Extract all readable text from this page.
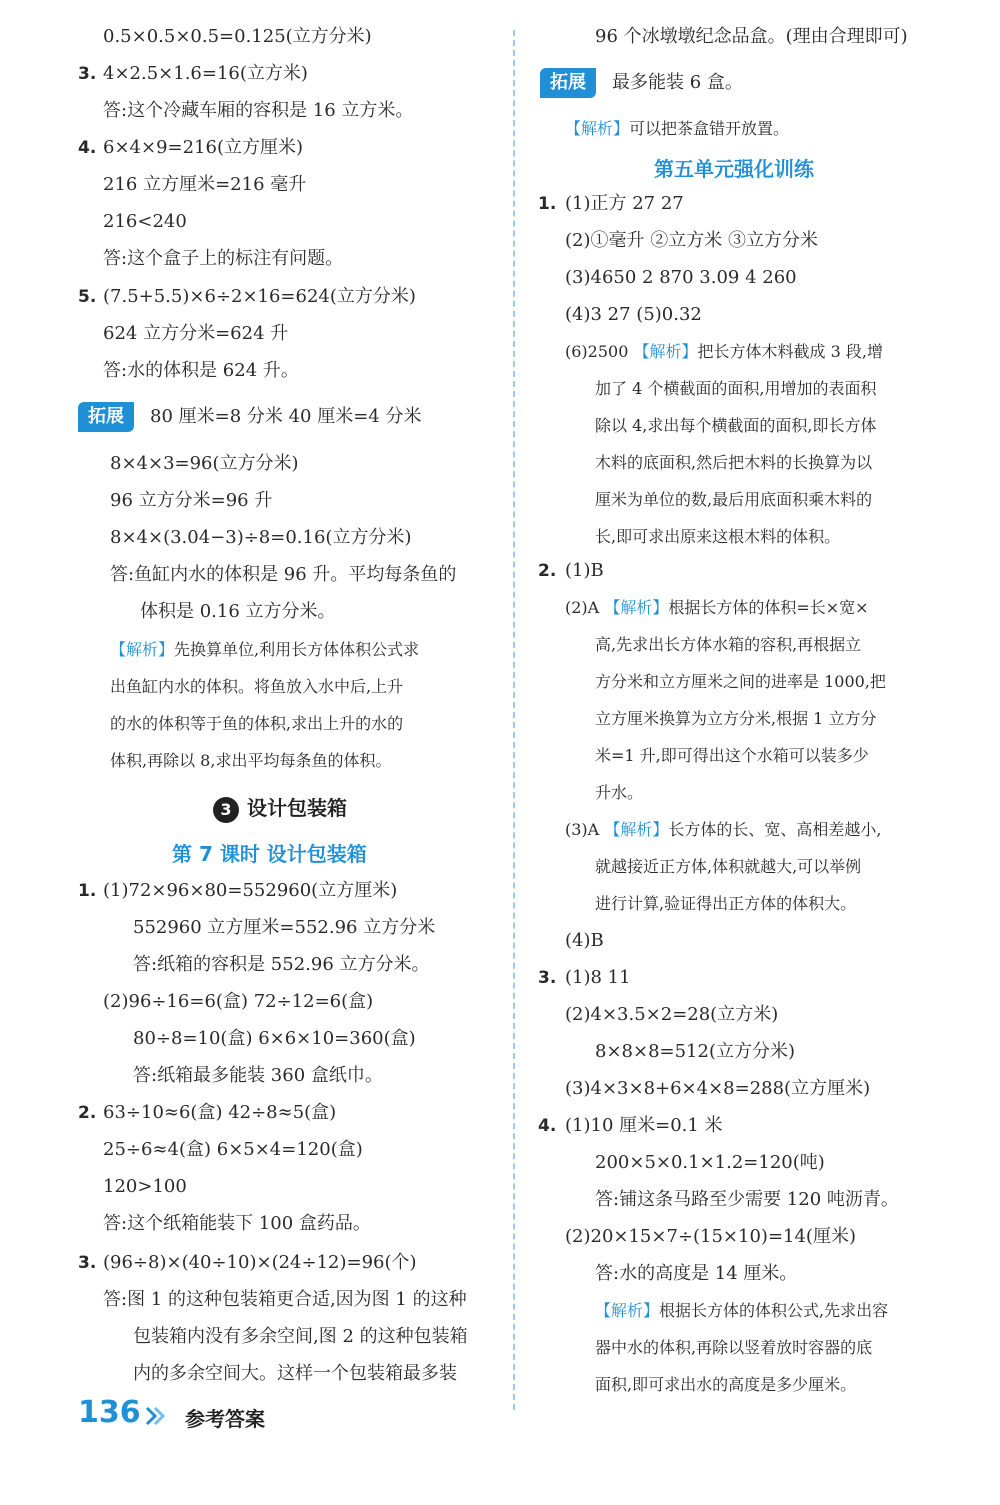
0.5×0.5×0.5=0.125(立方分米)
3. 4×2.5×1.6=16(立方米)
答:这个冷藏车厢的容积是 16 立方米。
4. 6×4×9=216(立方厘米)
216 立方厘米=216 毫升
216<240
答:这个盒子上的标注有问题。
5. (7.5+5.5)×6÷2×16=624(立方分米)
624 立方分米=624 升
答:水的体积是 624 升。
拓展	80 厘米=8 分米 40 厘米=4 分米
8×4×3=96(立方分米)
96 立方分米=96 升
8×4×(3.04−3)÷8=0.16(立方分米)
答:鱼缸内水的体积是 96 升。平均每条鱼的
体积是 0.16 立方分米。
【解析】先换算单位,利用长方体体积公式求
出鱼缸内水的体积。将鱼放入水中后,上升
的水的体积等于鱼的体积,求出上升的水的
体积,再除以 8,求出平均每条鱼的体积。
3 设计包装箱
第 7 课时 设计包装箱
1. (1)72×96×80=552960(立方厘米)
552960 立方厘米=552.96 立方分米
答:纸箱的容积是 552.96 立方分米。
(2)96÷16=6(盒) 72÷12=6(盒)
80÷8=10(盒) 6×6×10=360(盒)
答:纸箱最多能装 360 盒纸巾。
2. 63÷10≈6(盒) 42÷8≈5(盒)
25÷6≈4(盒) 6×5×4=120(盒)
120>100
答:这个纸箱能装下 100 盒药品。
3. (96÷8)×(40÷10)×(24÷12)=96(个)
答:图 1 的这种包装箱更合适,因为图 1 的这种
包装箱内没有多余空间,图 2 的这种包装箱
内的多余空间大。这样一个包装箱最多装
96 个冰墩墩纪念品盒。(理由合理即可)
拓展	最多能装 6 盒。
【解析】可以把茶盒错开放置。
第五单元强化训练
1. (1)正方 27 27
(2)①毫升 ②立方米 ③立方分米
(3)4650 2 870 3.09 4 260
(4)3 27 (5)0.32
(6)2500 【解析】把长方体木料截成 3 段,增
加了 4 个横截面的面积,用增加的表面积
除以 4,求出每个横截面的面积,即长方体
木料的底面积,然后把木料的长换算为以
厘米为单位的数,最后用底面积乘木料的
长,即可求出原来这根木料的体积。
2. (1)B
(2)A 【解析】根据长方体的体积=长×宽×
高,先求出长方体水箱的容积,再根据立
方分米和立方厘米之间的进率是 1000,把
立方厘米换算为立方分米,根据 1 立方分
米=1 升,即可得出这个水箱可以装多少
升水。
(3)A 【解析】长方体的长、宽、高相差越小,
就越接近正方体,体积就越大,可以举例
进行计算,验证得出正方体的体积大。
(4)B
3. (1)8 11
(2)4×3.5×2=28(立方米)
8×8×8=512(立方分米)
(3)4×3×8+6×4×8=288(立方厘米)
4. (1)10 厘米=0.1 米
200×5×0.1×1.2=120(吨)
答:铺这条马路至少需要 120 吨沥青。
(2)20×15×7÷(15×10)=14(厘米)
答:水的高度是 14 厘米。
【解析】根据长方体的体积公式,先求出容
器中水的体积,再除以竖着放时容器的底
面积,即可求出水的高度是多少厘米。
136 参考答案
